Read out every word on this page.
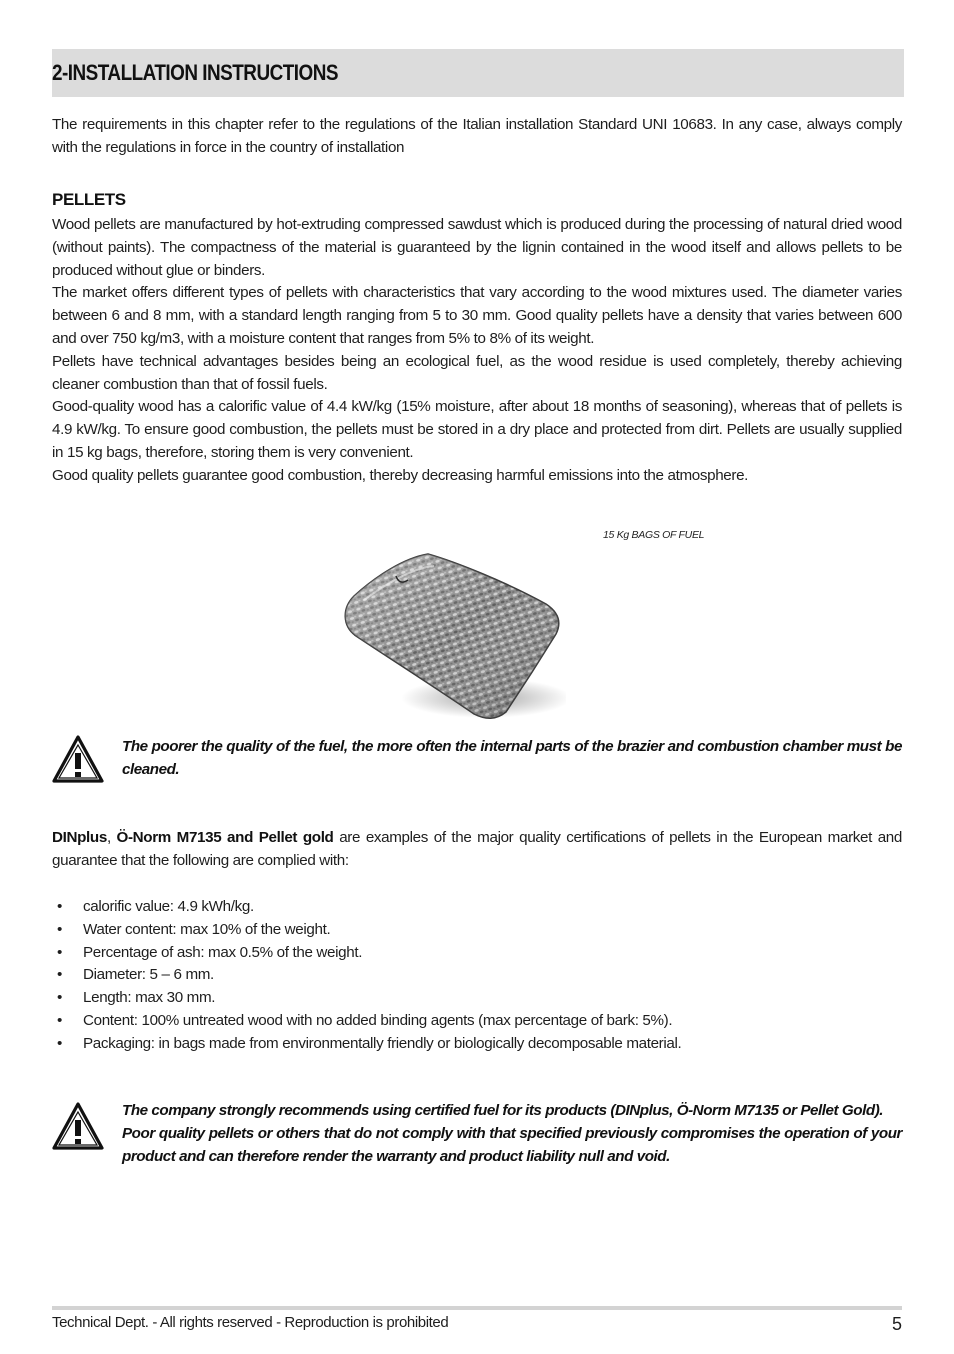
2-INSTALLATION INSTRUCTIONS

The requirements in this chapter refer to the regulations of the Italian installation Standard UNI 10683. In any case, always comply with the regulations in force in the country of installation

PELLETS

Wood pellets are manufactured by hot-extruding compressed sawdust which is produced during the processing of natural dried wood (without paints). The compactness of the material is guaranteed by the lignin contained in the wood itself and allows pellets to be produced without glue or binders.

The market offers different types of pellets with characteristics that vary according to the wood mixtures used. The diameter varies between 6 and 8 mm, with a standard length ranging from 5 to 30 mm. Good quality pellets have a density that varies between 600 and over 750 kg/m3, with a moisture content that ranges from 5% to 8% of its weight.

Pellets have technical advantages besides being an ecological fuel, as the wood residue is used completely, thereby achieving cleaner combustion than that of fossil fuels.

Good-quality wood has a calorific value of 4.4 kW/kg (15% moisture, after about 18 months of seasoning), whereas that of pellets is 4.9 kW/kg. To ensure good combustion, the pellets must be stored in a dry place and protected from dirt. Pellets are usually supplied in 15 kg bags, therefore, storing them is very convenient.

Good quality pellets guarantee good combustion, thereby decreasing harmful emissions into the atmosphere.

15 Kg BAGS OF FUEL

The poorer the quality of the fuel, the more often the internal parts of the brazier and combustion chamber must be cleaned.

DINplus, Ö-Norm M7135 and Pellet gold are examples of the major quality certifications of pellets in the European market and guarantee that the following are complied with:
• calorific value: 4.9 kWh/kg.
• Water content: max 10% of the weight.
• Percentage of ash: max 0.5% of the weight.
• Diameter: 5 – 6 mm.
• Length: max 30 mm.
• Content: 100% untreated wood with no added binding agents (max percentage of bark: 5%).
• Packaging: in bags made from environmentally friendly or biologically decomposable material.

The company strongly recommends using certified fuel for its products (DINplus, Ö-Norm M7135 or Pellet Gold).

Poor quality pellets or others that do not comply with that specified previously compromises the operation of your product and can therefore render the warranty and product liability null and void.

Technical Dept. - All rights reserved - Reproduction is prohibited	5
